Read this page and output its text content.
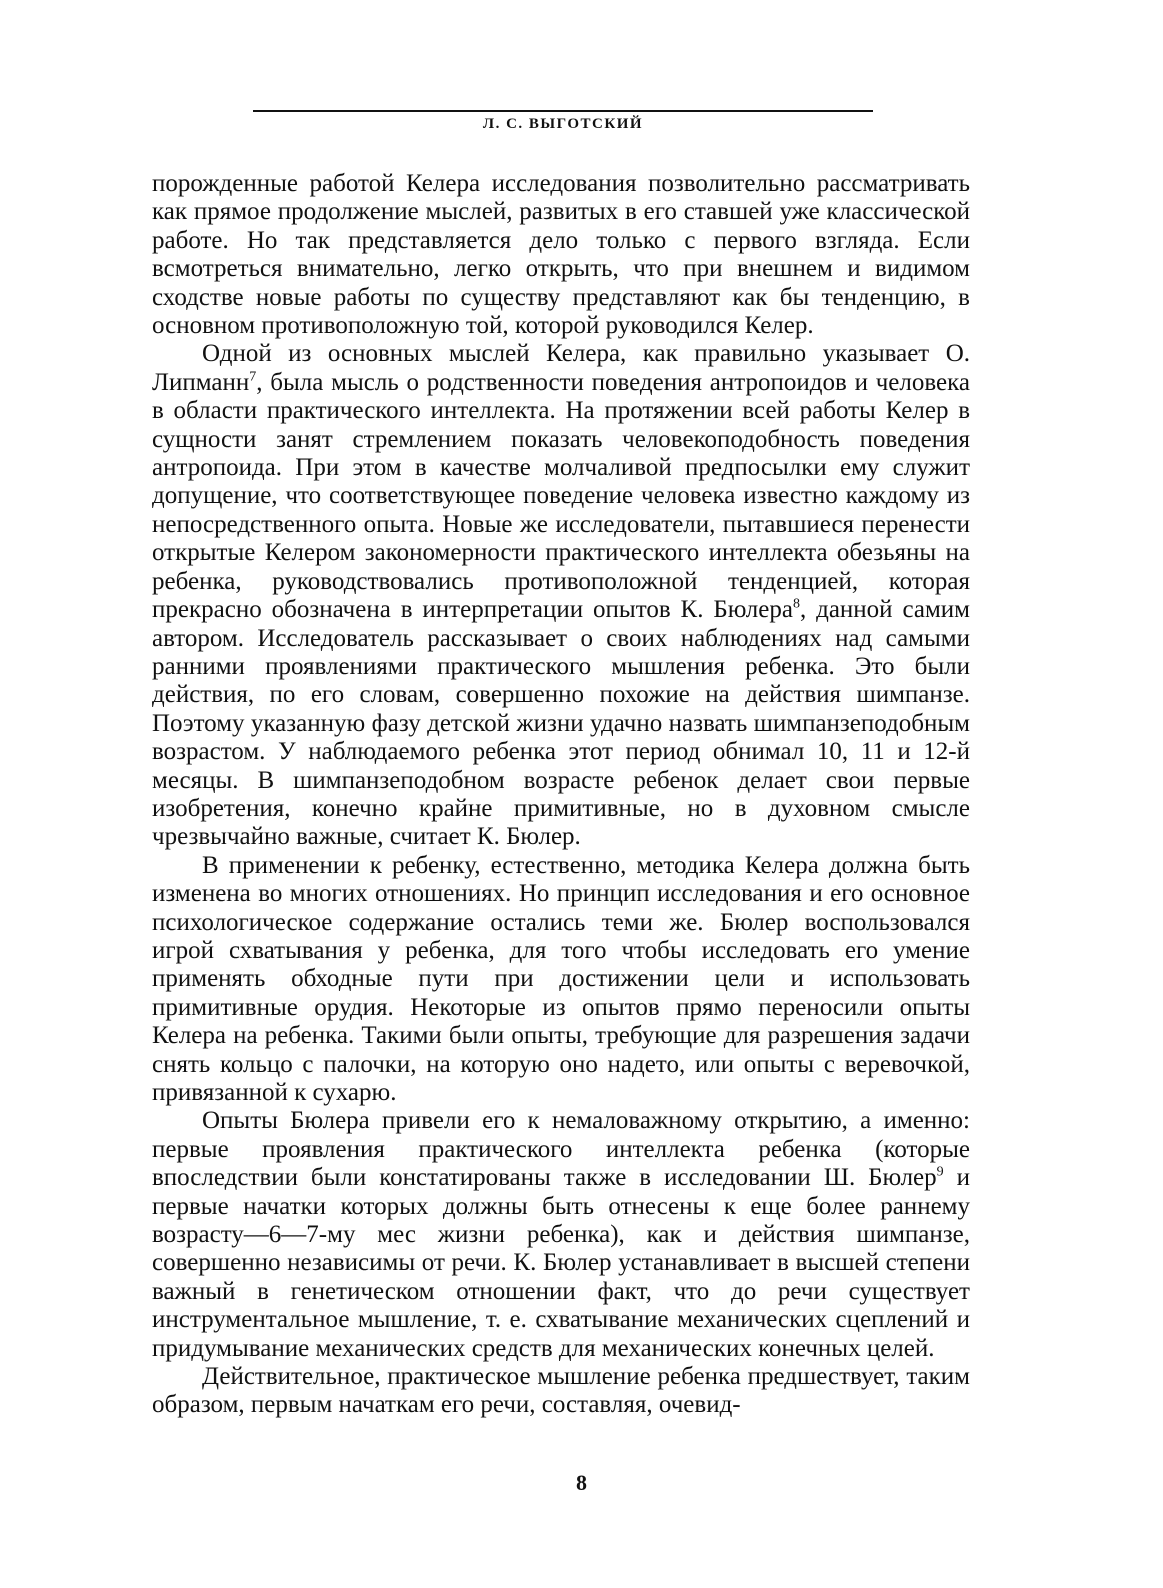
Л. С. ВЫГОТСКИЙ

порожденные работой Келера исследования позволительно рассматривать как прямое продолжение мыслей, развитых в его ставшей уже классической работе. Но так представляется дело только с первого взгляда. Если всмотреться внимательно, легко открыть, что при внешнем и видимом сходстве новые работы по существу представляют как бы тенденцию, в основном противоположную той, которой руководился Келер.

Одной из основных мыслей Келера, как правильно указывает О. Липманн$^7$, была мысль о родственности поведения антропоидов и человека в области практического интеллекта. На протяжении всей работы Келер в сущности занят стремлением показать человекоподобность поведения антропоида. При этом в качестве молчаливой предпосылки ему служит допущение, что соответствующее поведение человека известно каждому из непосредственного опыта. Новые же исследователи, пытавшиеся перенести открытые Келером закономерности практического интеллекта обезьяны на ребенка, руководствовались противоположной тенденцией, которая прекрасно обозначена в интерпретации опытов К. Бюлера$^8$, данной самим автором. Исследователь рассказывает о своих наблюдениях над самыми ранними проявлениями практического мышления ребенка. Это были действия, по его словам, совершенно похожие на действия шимпанзе. Поэтому указанную фазу детской жизни удачно назвать шимпанзеподобным возрастом. У наблюдаемого ребенка этот период обнимал 10, 11 и 12-й месяцы. В шимпанзеподобном возрасте ребенок делает свои первые изобретения, конечно крайне примитивные, но в духовном смысле чрезвычайно важные, считает К. Бюлер.

В применении к ребенку, естественно, методика Келера должна быть изменена во многих отношениях. Но принцип исследования и его основное психологическое содержание остались теми же. Бюлер воспользовался игрой схватывания у ребенка, для того чтобы исследовать его умение применять обходные пути при достижении цели и использовать примитивные орудия. Некоторые из опытов прямо переносили опыты Келера на ребенка. Такими были опыты, требующие для разрешения задачи снять кольцо с палочки, на которую оно надето, или опыты с веревочкой, привязанной к сухарю.

Опыты Бюлера привели его к немаловажному открытию, а именно: первые проявления практического интеллекта ребенка (которые впоследствии были констатированы также в исследовании Ш. Бюлер$^9$ и первые начатки которых должны быть отнесены к еще более раннему возрасту—6—7-му мес жизни ребенка), как и действия шимпанзе, совершенно независимы от речи. К. Бюлер устанавливает в высшей степени важный в генетическом отношении факт, что до речи существует инструментальное мышление, т. е. схватывание механических сцеплений и придумывание механических средств для механических конечных целей.

Действительное, практическое мышление ребенка предшествует, таким образом, первым начаткам его речи, составляя, очевид-

8
